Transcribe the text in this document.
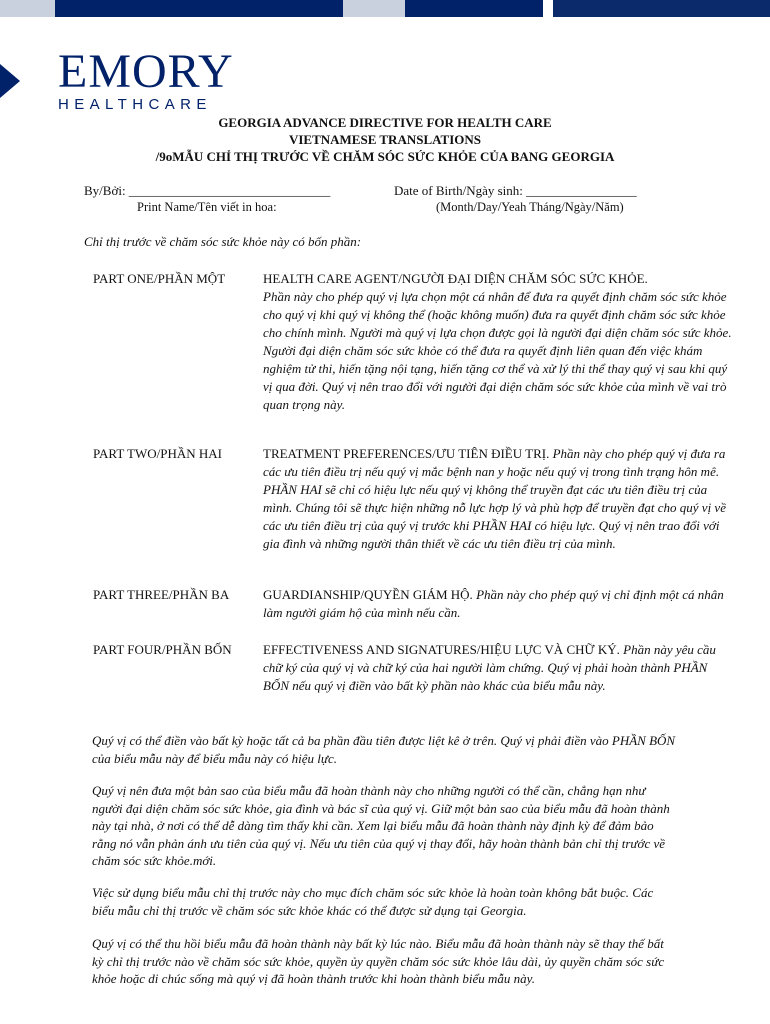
EMORY
HEALTHCARE
GEORGIA ADVANCE DIRECTIVE FOR HEALTH CARE
VIETNAMESE TRANSLATIONS
/9oMẪU CHỈ THỊ TRƯỚC VỀ CHĂM SÓC SỨC KHỎE CỦA BANG GEORGIA
By/Bởi: _______________________________
Print Name/Tên viết in hoa:
Date of Birth/Ngày sinh: _________________
(Month/Day/Yeah Tháng/Ngày/Năm)
Chỉ thị trước về chăm sóc sức khỏe này có bốn phần:
PART ONE/PHẦN MỘT	HEALTH CARE AGENT/NGƯỜI ĐẠI DIỆN CHĂM SÓC SỨC KHỎE.
Phần này cho phép quý vị lựa chọn một cá nhân để đưa ra quyết định chăm sóc sức khỏe cho quý vị khi quý vị không thể (hoặc không muốn) đưa ra quyết định chăm sóc sức khỏe cho chính mình. Người mà quý vị lựa chọn được gọi là người đại diện chăm sóc sức khỏe. Người đại diện chăm sóc sức khỏe có thể đưa ra quyết định liên quan đến việc khám nghiệm tử thi, hiến tặng nội tạng, hiến tặng cơ thể và xử lý thi thể thay quý vị sau khi quý vị qua đời. Quý vị nên trao đổi với người đại diện chăm sóc sức khỏe của mình về vai trò quan trọng này.
PART TWO/PHẦN HAI	TREATMENT PREFERENCES/ƯU TIÊN ĐIỀU TRỊ. Phần này cho phép quý vị đưa ra các ưu tiên điều trị nếu quý vị mắc bệnh nan y hoặc nếu quý vị trong tình trạng hôn mê. PHẦN HAI sẽ chỉ có hiệu lực nếu quý vị không thể truyền đạt các ưu tiên điều trị của mình. Chúng tôi sẽ thực hiện những nỗ lực hợp lý và phù hợp để truyền đạt cho quý vị về các ưu tiên điều trị của quý vị trước khi PHẦN HAI có hiệu lực. Quý vị nên trao đổi với gia đình và những người thân thiết về các ưu tiên điều trị của mình.
PART THREE/PHẦN BA	GUARDIANSHIP/QUYỀN GIÁM HỘ. Phần này cho phép quý vị chỉ định một cá nhân làm người giám hộ của mình nếu cần.
PART FOUR/PHẦN BỐN	EFFECTIVENESS AND SIGNATURES/HIỆU LỰC VÀ CHỮ KÝ. Phần này yêu cầu chữ ký của quý vị và chữ ký của hai người làm chứng. Quý vị phải hoàn thành PHẦN BỐN nếu quý vị điền vào bất kỳ phần nào khác của biểu mẫu này.
Quý vị có thể điền vào bất kỳ hoặc tất cả ba phần đầu tiên được liệt kê ở trên. Quý vị phải điền vào PHẦN BỐN của biểu mẫu này để biểu mẫu này có hiệu lực.
Quý vị nên đưa một bản sao của biểu mẫu đã hoàn thành này cho những người có thể cần, chẳng hạn như người đại diện chăm sóc sức khỏe, gia đình và bác sĩ của quý vị. Giữ một bản sao của biểu mẫu đã hoàn thành này tại nhà, ở nơi có thể dễ dàng tìm thấy khi cần. Xem lại biểu mẫu đã hoàn thành này định kỳ để đảm bảo rằng nó vẫn phản ánh ưu tiên của quý vị. Nếu ưu tiên của quý vị thay đổi, hãy hoàn thành bản chỉ thị trước về chăm sóc sức khỏe.mới.
Việc sử dụng biểu mẫu chỉ thị trước này cho mục đích chăm sóc sức khỏe là hoàn toàn không bắt buộc. Các biểu mẫu chỉ thị trước về chăm sóc sức khỏe khác có thể được sử dụng tại Georgia.
Quý vị có thể thu hồi biểu mẫu đã hoàn thành này bất kỳ lúc nào. Biểu mẫu đã hoàn thành này sẽ thay thế bất kỳ chỉ thị trước nào về chăm sóc sức khỏe, quyền ủy quyền chăm sóc sức khỏe lâu dài, ủy quyền chăm sóc sức khỏe hoặc di chúc sống mà quý vị đã hoàn thành trước khi hoàn thành biểu mẫu này.
